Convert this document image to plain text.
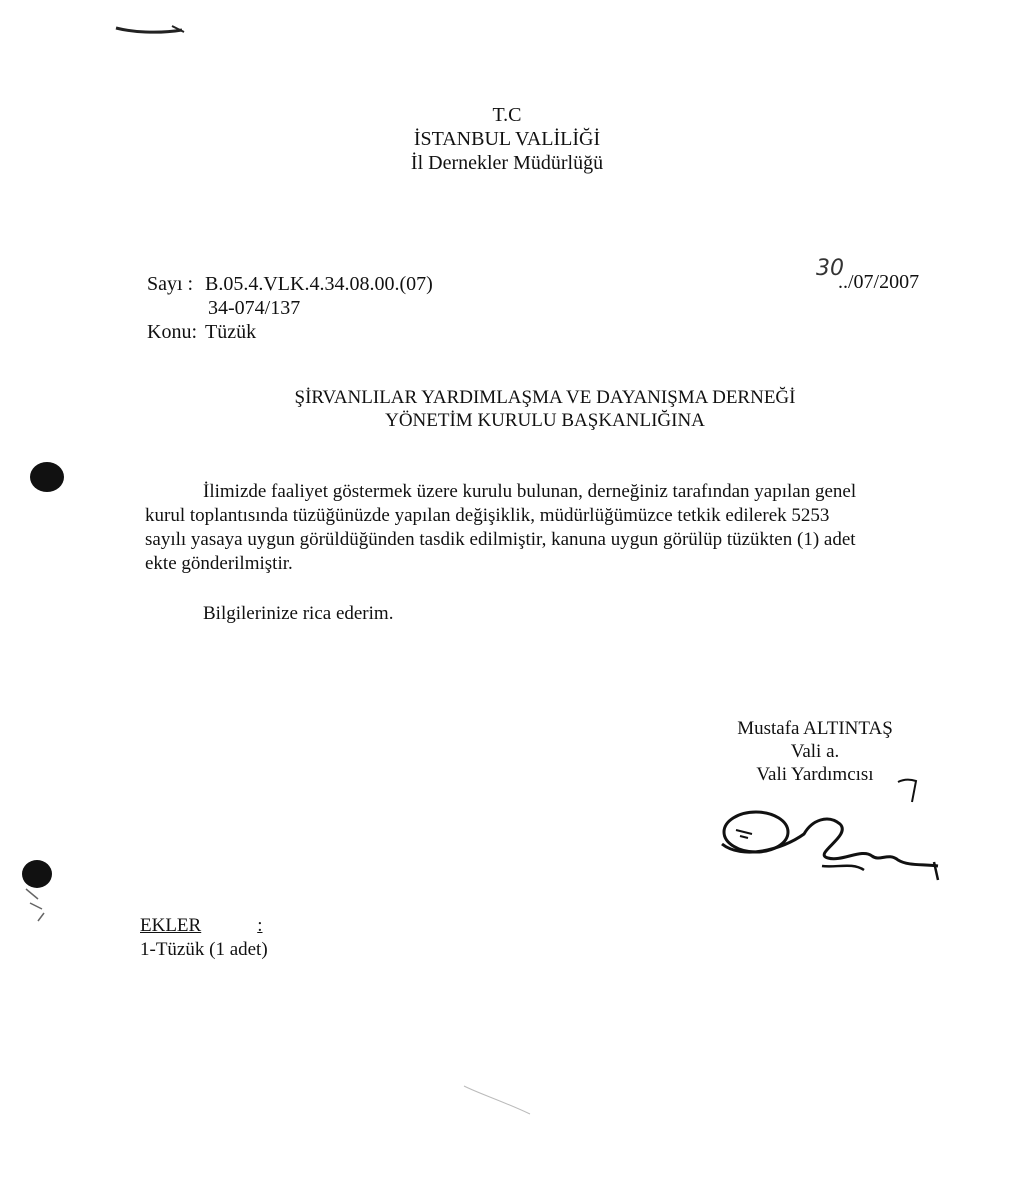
T.C
İSTANBUL VALİLİĞİ
İl Dernekler Müdürlüğü
Sayı : B.05.4.VLK.4.34.08.00.(07)
34-074/137
Konu: Tüzük
30
../07/2007
ŞİRVANLILAR YARDIMLAŞMA VE DAYANIŞMA DERNEĞİ
YÖNETİM KURULU BAŞKANLIĞINA
İlimizde faaliyet göstermek üzere kurulu bulunan, derneğiniz tarafından yapılan genel
kurul toplantısında tüzüğünüzde yapılan değişiklik, müdürlüğümüzce tetkik edilerek 5253
sayılı yasaya uygun görüldüğünden tasdik edilmiştir, kanuna uygun görülüp tüzükten (1) adet
ekte gönderilmiştir.
Bilgilerinize rica ederim.
Mustafa ALTINTAŞ
Vali a.
Vali Yardımcısı
EKLER	:
1-Tüzük (1 adet)
